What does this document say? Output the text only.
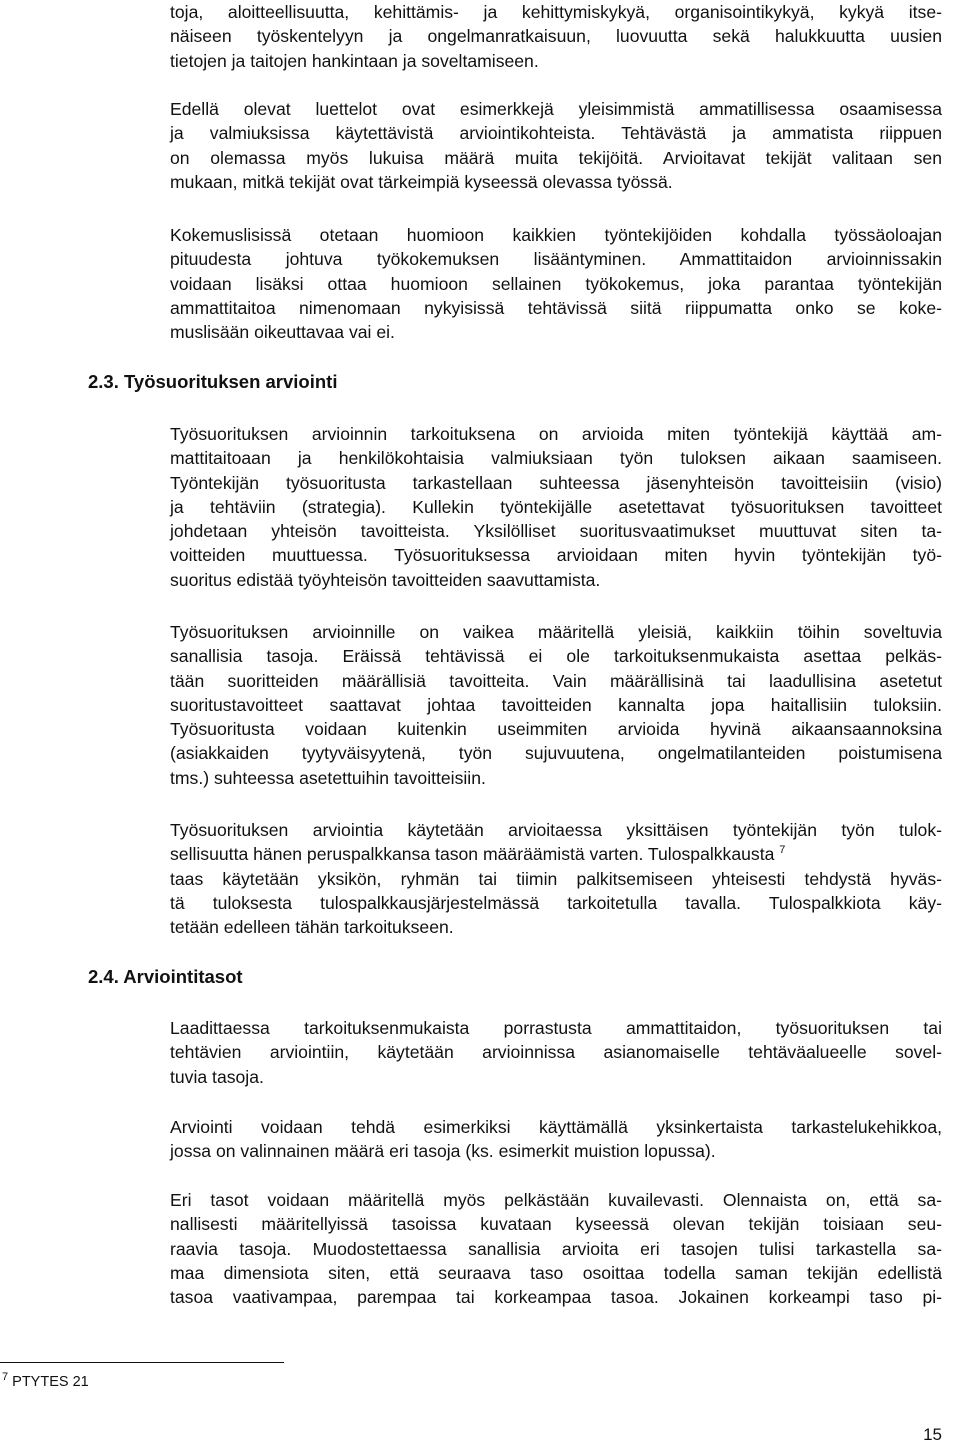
toja, aloitteellisuutta, kehittämis- ja kehittymiskykyä, organisointikykyä, kykyä itse-
näiseen työskentelyyn ja ongelmanratkaisuun, luovuutta sekä halukkuutta uusien
tietojen ja taitojen hankintaan ja soveltamiseen.
Edellä olevat luettelot ovat esimerkkejä yleisimmistä ammatillisessa osaamisessa
ja valmiuksissa käytettävistä arviointikohteista. Tehtävästä ja ammatista riippuen
on olemassa myös lukuisa määrä muita tekijöitä. Arvioitavat tekijät valitaan sen
mukaan, mitkä tekijät ovat tärkeimpiä kyseessä olevassa työssä.
Kokemuslisissä otetaan huomioon kaikkien työntekijöiden kohdalla työssäoloajan
pituudesta johtuva työkokemuksen lisääntyminen. Ammattitaidon arvioinnissakin
voidaan lisäksi ottaa huomioon sellainen työkokemus, joka parantaa työntekijän
ammattitaitoa nimenomaan nykyisissä tehtävissä siitä riippumatta onko se koke-
muslisään oikeuttavaa vai ei.
2.3. Työsuorituksen arviointi
Työsuorituksen arvioinnin tarkoituksena on arvioida miten työntekijä käyttää am-
mattitaitoaan ja henkilökohtaisia valmiuksiaan työn tuloksen aikaan saamiseen.
Työntekijän työsuoritusta tarkastellaan suhteessa jäsenyhteisön tavoitteisiin (visio)
ja tehtäviin (strategia). Kullekin työntekijälle asetettavat työsuorituksen tavoitteet
johdetaan yhteisön tavoitteista. Yksilölliset suoritusvaatimukset muuttuvat siten ta-
voitteiden muuttuessa. Työsuorituksessa arvioidaan miten hyvin työntekijän työ-
suoritus edistää työyhteisön tavoitteiden saavuttamista.
Työsuorituksen arvioinnille on vaikea määritellä yleisiä, kaikkiin töihin soveltuvia
sanallisia tasoja. Eräissä tehtävissä ei ole tarkoituksenmukaista asettaa pelkäs-
tään suoritteiden määrällisiä tavoitteita. Vain määrällisinä tai laadullisina asetetut
suoritustavoitteet saattavat johtaa tavoitteiden kannalta jopa haitallisiin tuloksiin.
Työsuoritusta voidaan kuitenkin useimmiten arvioida hyvinä aikaansaannoksina
(asiakkaiden tyytyväisyytenä, työn sujuvuutena, ongelmatilanteiden poistumisena
tms.) suhteessa asetettuihin tavoitteisiin.
Työsuorituksen arviointia käytetään arvioitaessa yksittäisen työntekijän työn tulok-
sellisuutta hänen peruspalkkansa tason määräämistä varten. Tulospalkkausta $^7$
taas käytetään yksikön, ryhmän tai tiimin palkitsemiseen yhteisesti tehdystä hyväs-
tä tuloksesta tulospalkkausjärjestelmässä tarkoitetulla tavalla. Tulospalkkiota käy-
tetään edelleen tähän tarkoitukseen.
2.4. Arviointitasot
Laadittaessa tarkoituksenmukaista porrastusta ammattitaidon, työsuorituksen tai
tehtävien arviointiin, käytetään arvioinnissa asianomaiselle tehtäväalueelle sovel-
tuvia tasoja.
Arviointi voidaan tehdä esimerkiksi käyttämällä yksinkertaista tarkastelukehikkoa,
jossa on valinnainen määrä eri tasoja (ks. esimerkit muistion lopussa).
Eri tasot voidaan määritellä myös pelkästään kuvailevasti. Olennaista on, että sa-
nallisesti määritellyissä tasoissa kuvataan kyseessä olevan tekijän toisiaan seu-
raavia tasoja. Muodostettaessa sanallisia arvioita eri tasojen tulisi tarkastella sa-
maa dimensiota siten, että seuraava taso osoittaa todella saman tekijän edellistä
tasoa vaativampaa, parempaa tai korkeampaa tasoa. Jokainen korkeampi taso pi-
$^7$ PTYTES 21
15
